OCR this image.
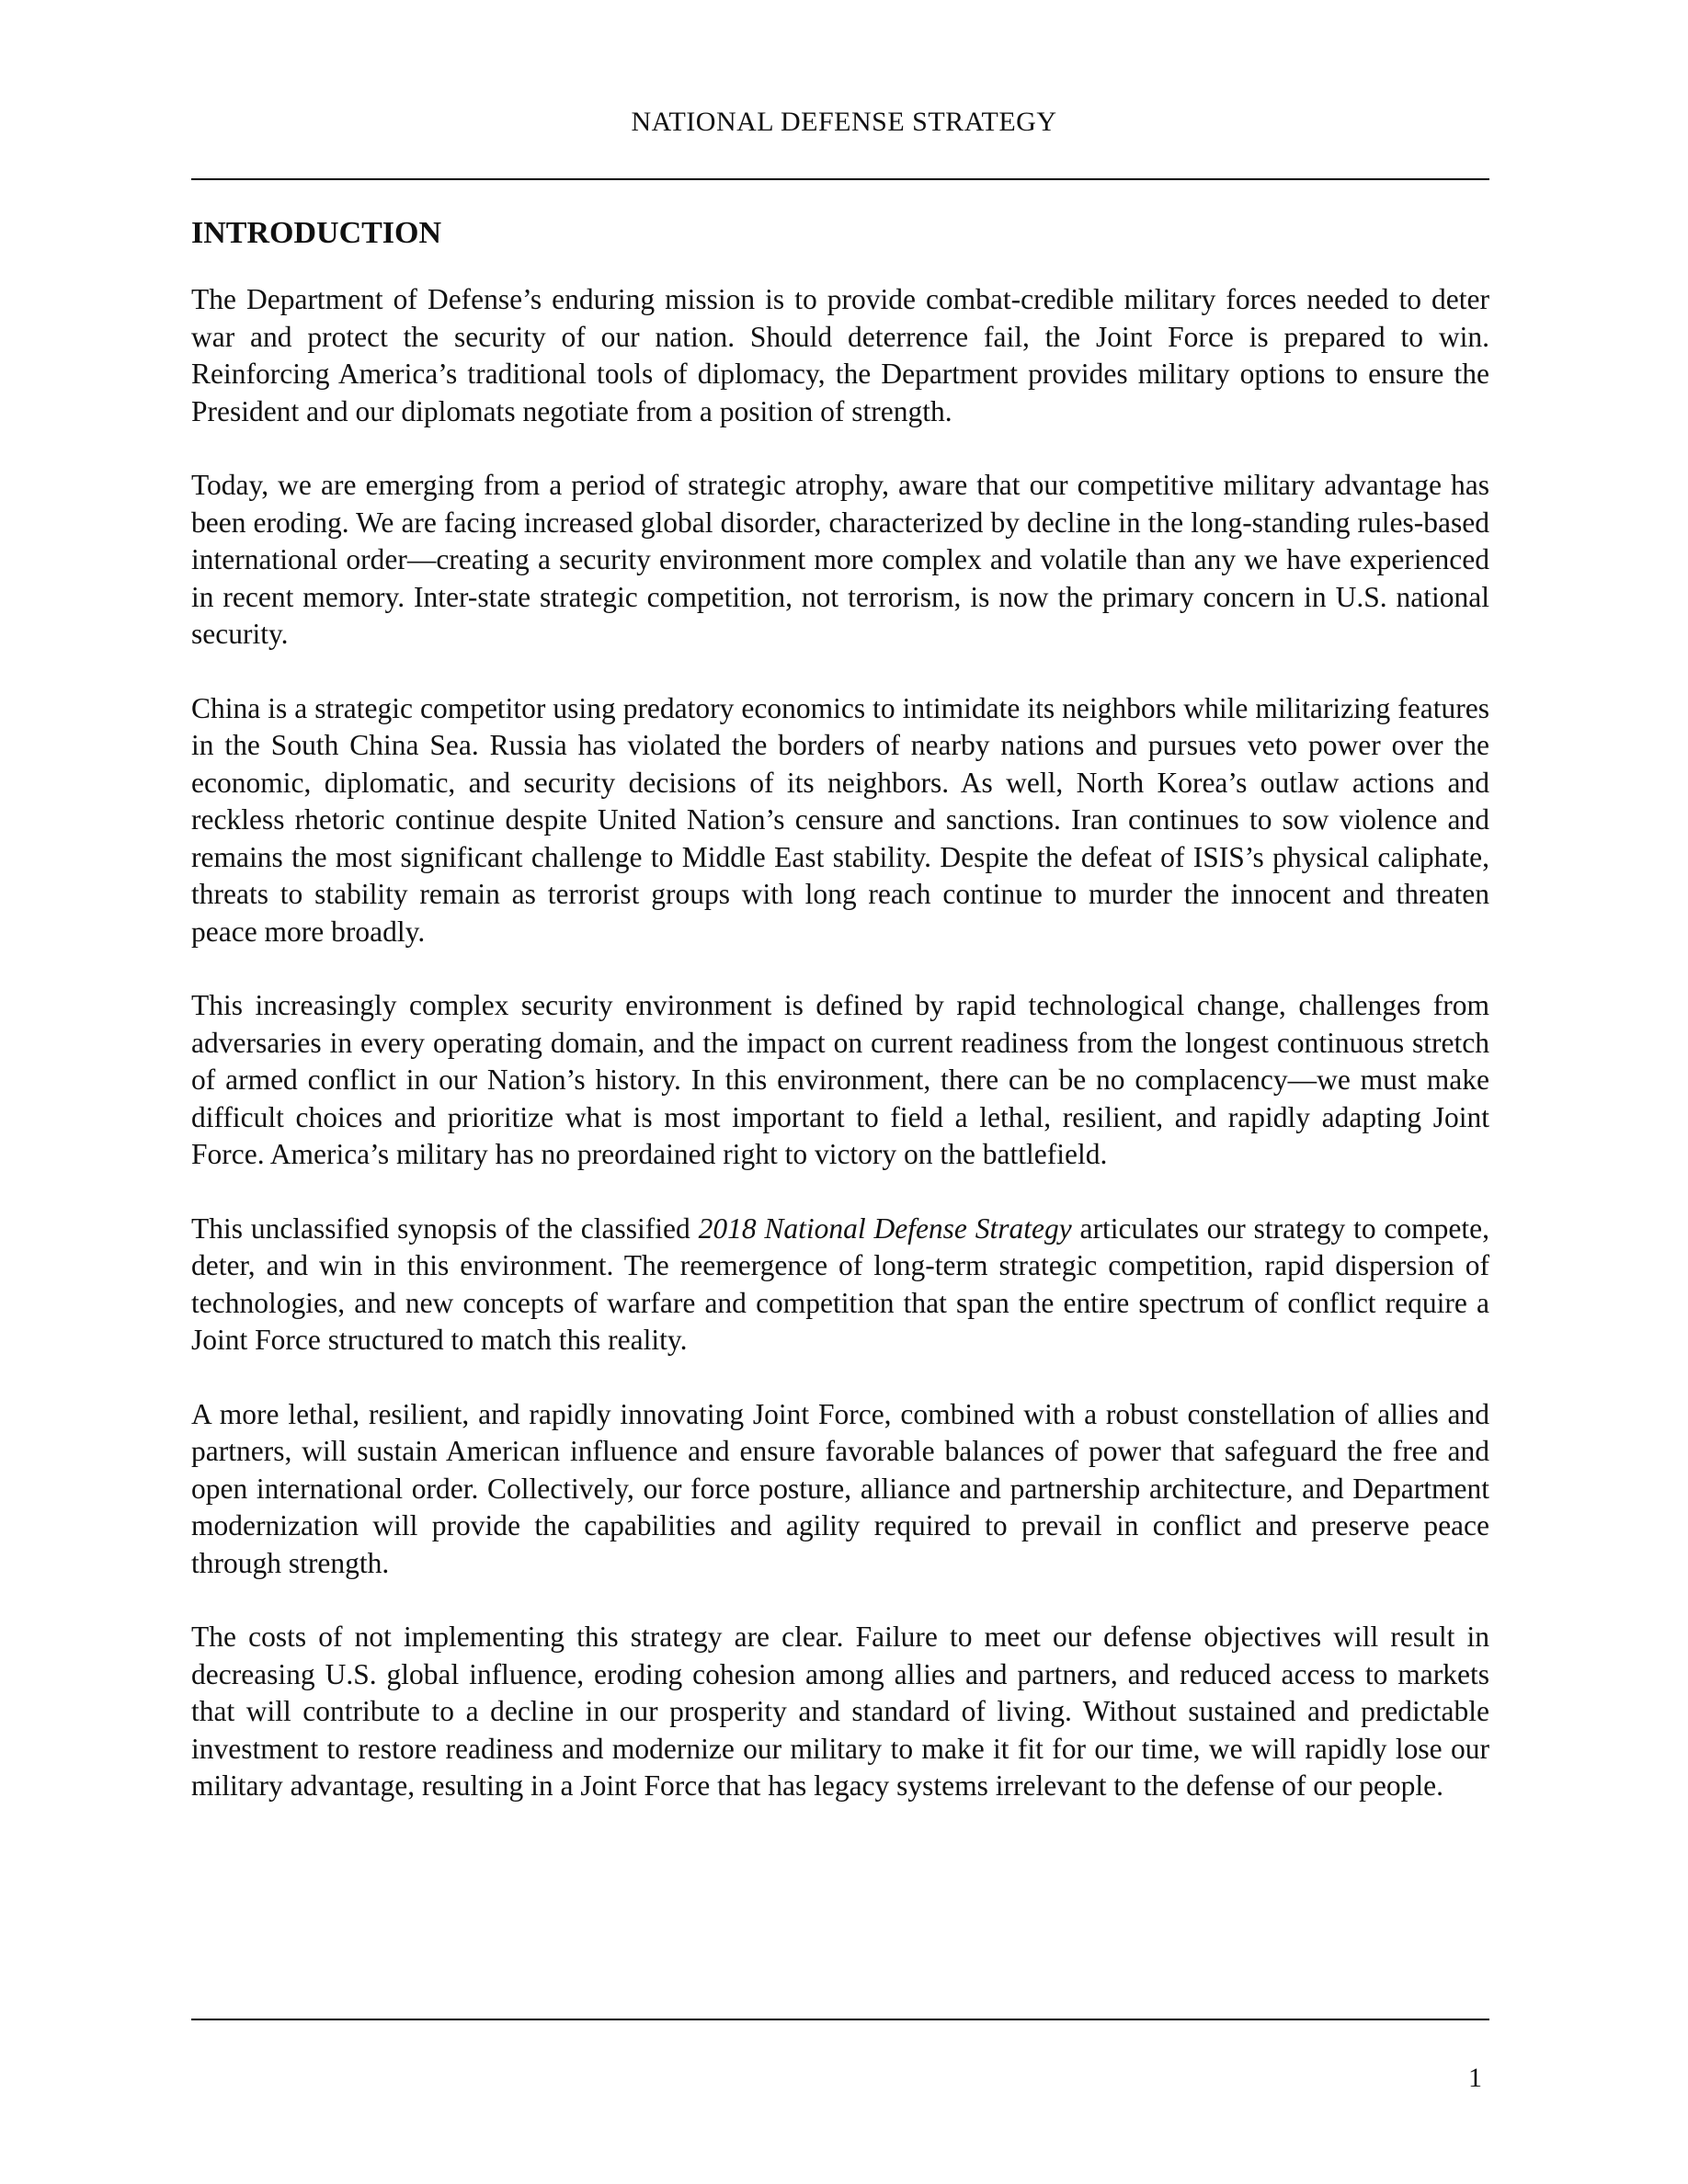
NATIONAL DEFENSE STRATEGY
INTRODUCTION

The Department of Defense’s enduring mission is to provide combat-credible military forces needed to deter war and protect the security of our nation. Should deterrence fail, the Joint Force is prepared to win. Reinforcing America’s traditional tools of diplomacy, the Department provides military options to ensure the President and our diplomats negotiate from a position of strength.

Today, we are emerging from a period of strategic atrophy, aware that our competitive military advantage has been eroding. We are facing increased global disorder, characterized by decline in the long-standing rules-based international order—creating a security environment more complex and volatile than any we have experienced in recent memory. Inter-state strategic competition, not terrorism, is now the primary concern in U.S. national security.

China is a strategic competitor using predatory economics to intimidate its neighbors while militarizing features in the South China Sea. Russia has violated the borders of nearby nations and pursues veto power over the economic, diplomatic, and security decisions of its neighbors. As well, North Korea’s outlaw actions and reckless rhetoric continue despite United Nation’s censure and sanctions. Iran continues to sow violence and remains the most significant challenge to Middle East stability. Despite the defeat of ISIS’s physical caliphate, threats to stability remain as terrorist groups with long reach continue to murder the innocent and threaten peace more broadly.

This increasingly complex security environment is defined by rapid technological change, challenges from adversaries in every operating domain, and the impact on current readiness from the longest continuous stretch of armed conflict in our Nation’s history. In this environment, there can be no complacency—we must make difficult choices and prioritize what is most important to field a lethal, resilient, and rapidly adapting Joint Force. America’s military has no preordained right to victory on the battlefield.

This unclassified synopsis of the classified 2018 National Defense Strategy articulates our strategy to compete, deter, and win in this environment. The reemergence of long-term strategic competition, rapid dispersion of technologies, and new concepts of warfare and competition that span the entire spectrum of conflict require a Joint Force structured to match this reality.

A more lethal, resilient, and rapidly innovating Joint Force, combined with a robust constellation of allies and partners, will sustain American influence and ensure favorable balances of power that safeguard the free and open international order. Collectively, our force posture, alliance and partnership architecture, and Department modernization will provide the capabilities and agility required to prevail in conflict and preserve peace through strength.

The costs of not implementing this strategy are clear. Failure to meet our defense objectives will result in decreasing U.S. global influence, eroding cohesion among allies and partners, and reduced access to markets that will contribute to a decline in our prosperity and standard of living. Without sustained and predictable investment to restore readiness and modernize our military to make it fit for our time, we will rapidly lose our military advantage, resulting in a Joint Force that has legacy systems irrelevant to the defense of our people.

1
